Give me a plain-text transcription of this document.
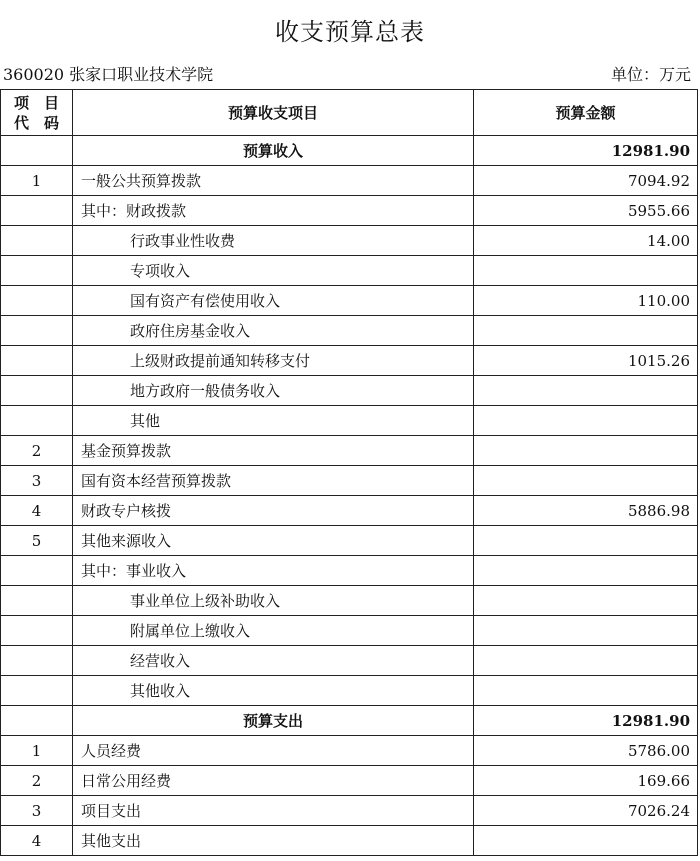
收支预算总表
360020 张家口职业技术学院	单位：万元
项　目
代　码	预算收支项目	预算金额
	预算收入	12981.90
1	一般公共预算拨款	7094.92
	其中：财政拨款	5955.66
	行政事业性收费	14.00
	专项收入	
	国有资产有偿使用收入	110.00
	政府住房基金收入	
	上级财政提前通知转移支付	1015.26
	地方政府一般债务收入	
	其他	
2	基金预算拨款	
3	国有资本经营预算拨款	
4	财政专户核拨	5886.98
5	其他来源收入	
	其中：事业收入	
	事业单位上级补助收入	
	附属单位上缴收入	
	经营收入	
	其他收入	
	预算支出	12981.90
1	人员经费	5786.00
2	日常公用经费	169.66
3	项目支出	7026.24
4	其他支出	
